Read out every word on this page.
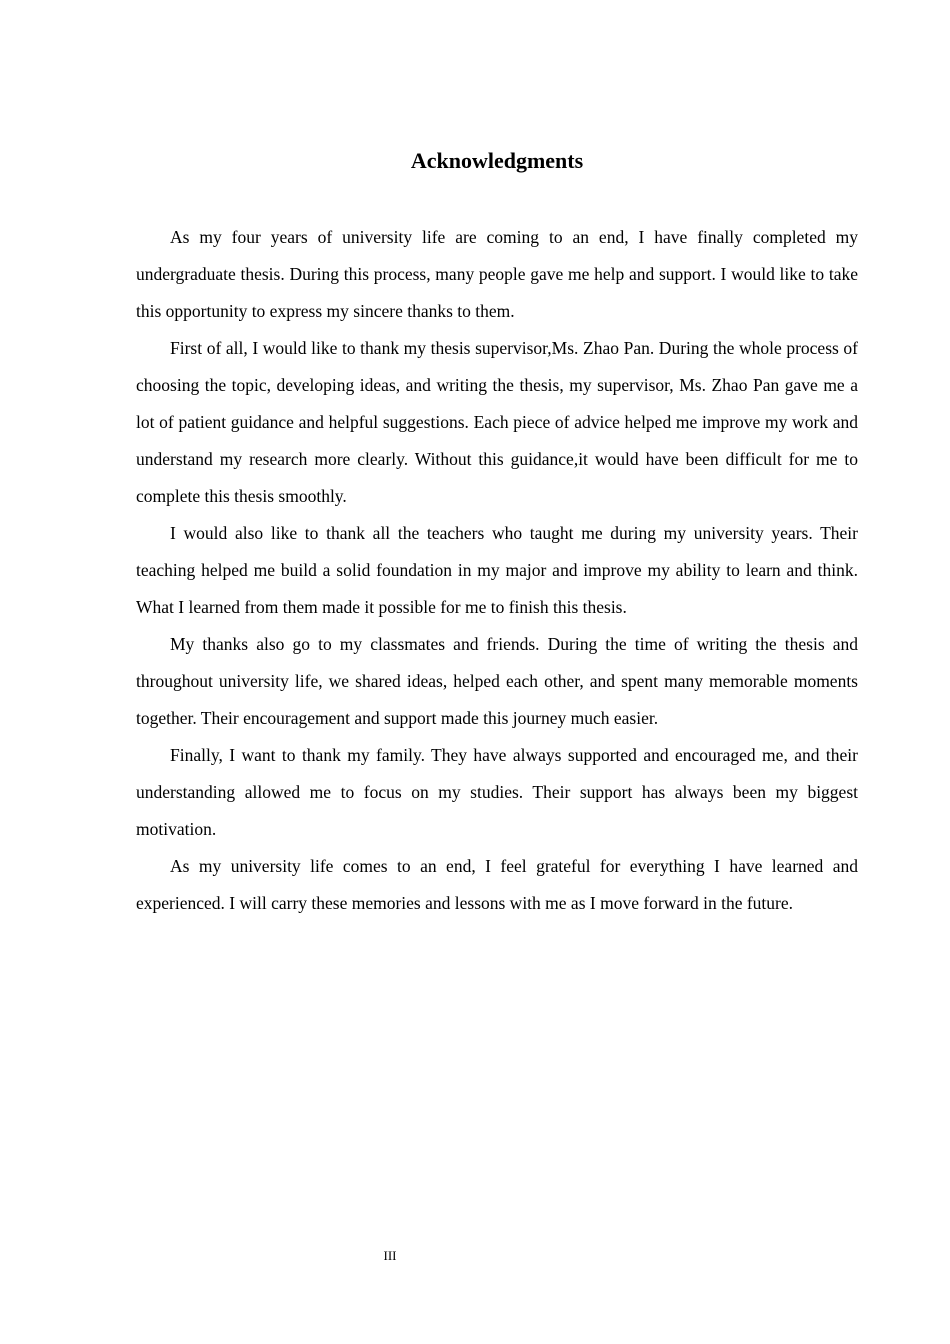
Acknowledgments

As my four years of university life are coming to an end, I have finally completed my undergraduate thesis. During this process, many people gave me help and support. I would like to take this opportunity to express my sincere thanks to them.

First of all, I would like to thank my thesis supervisor,Ms. Zhao Pan. During the whole process of choosing the topic, developing ideas, and writing the thesis, my supervisor, Ms. Zhao Pan gave me a lot of patient guidance and helpful suggestions. Each piece of advice helped me improve my work and understand my research more clearly. Without this guidance,it would have been difficult for me to complete this thesis smoothly.

I would also like to thank all the teachers who taught me during my university years. Their teaching helped me build a solid foundation in my major and improve my ability to learn and think. What I learned from them made it possible for me to finish this thesis.

My thanks also go to my classmates and friends. During the time of writing the thesis and throughout university life, we shared ideas, helped each other, and spent many memorable moments together. Their encouragement and support made this journey much easier.

Finally, I want to thank my family. They have always supported and encouraged me, and their understanding allowed me to focus on my studies. Their support has always been my biggest motivation.

As my university life comes to an end, I feel grateful for everything I have learned and experienced. I will carry these memories and lessons with me as I move forward in the future.

III
